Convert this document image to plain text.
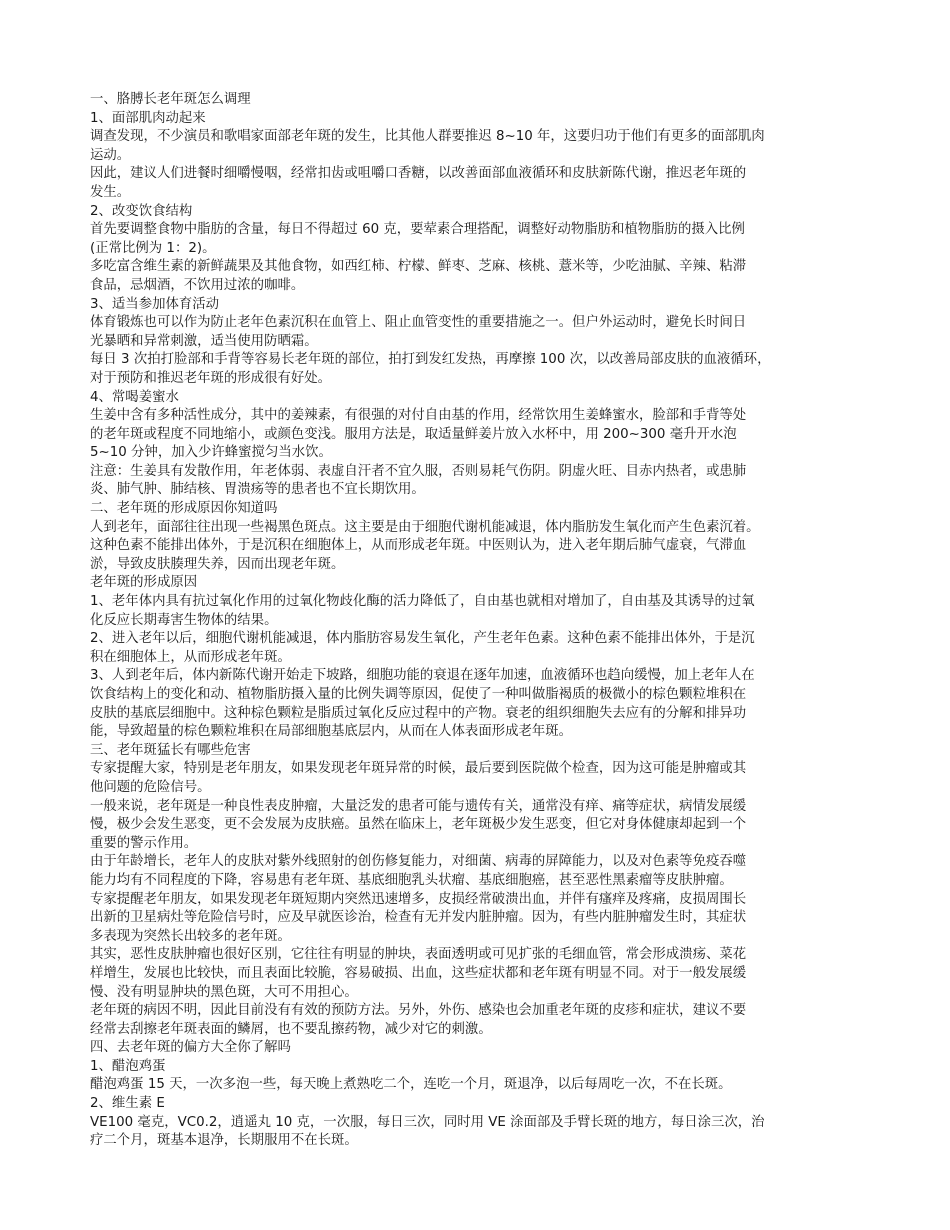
一、胳膊长老年斑怎么调理
1、面部肌肉动起来
调查发现，不少演员和歌唱家面部老年斑的发生，比其他人群要推迟 8~10 年，这要归功于他们有更多的面部肌肉
运动。
因此，建议人们进餐时细嚼慢咽，经常扣齿或咀嚼口香糖，以改善面部血液循环和皮肤新陈代谢，推迟老年斑的
发生。
2、改变饮食结构
首先要调整食物中脂肪的含量，每日不得超过 60 克，要荤素合理搭配，调整好动物脂肪和植物脂肪的摄入比例
(正常比例为 1：2)。
多吃富含维生素的新鲜蔬果及其他食物，如西红柿、柠檬、鲜枣、芝麻、核桃、薏米等，少吃油腻、辛辣、粘滞
食品，忌烟酒，不饮用过浓的咖啡。
3、适当参加体育活动
体育锻炼也可以作为防止老年色素沉积在血管上、阻止血管变性的重要措施之一。但户外运动时，避免长时间日
光暴晒和异常刺激，适当使用防晒霜。
每日 3 次拍打脸部和手背等容易长老年斑的部位，拍打到发红发热，再摩擦 100 次，以改善局部皮肤的血液循环，
对于预防和推迟老年斑的形成很有好处。
4、常喝姜蜜水
生姜中含有多种活性成分，其中的姜辣素，有很强的对付自由基的作用，经常饮用生姜蜂蜜水，脸部和手背等处
的老年斑或程度不同地缩小，或颜色变浅。服用方法是，取适量鲜姜片放入水杯中，用 200~300 毫升开水泡
5~10 分钟，加入少许蜂蜜搅匀当水饮。
注意：生姜具有发散作用，年老体弱、表虚自汗者不宜久服，否则易耗气伤阴。阴虚火旺、目赤内热者，或患肺
炎、肺气肿、肺结核、胃溃疡等的患者也不宜长期饮用。
二、老年斑的形成原因你知道吗
人到老年，面部往往出现一些褐黑色斑点。这主要是由于细胞代谢机能减退，体内脂肪发生氧化而产生色素沉着。
这种色素不能排出体外，于是沉积在细胞体上，从而形成老年斑。中医则认为，进入老年期后肺气虚衰，气滞血
淤，导致皮肤腠理失养，因而出现老年斑。
老年斑的形成原因
1、老年体内具有抗过氧化作用的过氧化物歧化酶的活力降低了，自由基也就相对增加了，自由基及其诱导的过氧
化反应长期毒害生物体的结果。
2、进入老年以后，细胞代谢机能减退，体内脂肪容易发生氧化，产生老年色素。这种色素不能排出体外，于是沉
积在细胞体上，从而形成老年斑。
3、人到老年后，体内新陈代谢开始走下坡路，细胞功能的衰退在逐年加速，血液循环也趋向缓慢，加上老年人在
饮食结构上的变化和动、植物脂肪摄入量的比例失调等原因，促使了一种叫做脂褐质的极微小的棕色颗粒堆积在
皮肤的基底层细胞中。这种棕色颗粒是脂质过氧化反应过程中的产物。衰老的组织细胞失去应有的分解和排异功
能，导致超量的棕色颗粒堆积在局部细胞基底层内，从而在人体表面形成老年斑。
三、老年斑猛长有哪些危害
专家提醒大家，特别是老年朋友，如果发现老年斑异常的时候，最后要到医院做个检查，因为这可能是肿瘤或其
他问题的危险信号。
一般来说，老年斑是一种良性表皮肿瘤，大量泛发的患者可能与遗传有关，通常没有痒、痛等症状，病情发展缓
慢，极少会发生恶变，更不会发展为皮肤癌。虽然在临床上，老年斑极少发生恶变，但它对身体健康却起到一个
重要的警示作用。
由于年龄增长，老年人的皮肤对紫外线照射的创伤修复能力，对细菌、病毒的屏障能力，以及对色素等免疫吞噬
能力均有不同程度的下降，容易患有老年斑、基底细胞乳头状瘤、基底细胞癌，甚至恶性黑素瘤等皮肤肿瘤。
专家提醒老年朋友，如果发现老年斑短期内突然迅速增多，皮损经常破溃出血，并伴有瘙痒及疼痛，皮损周围长
出新的卫星病灶等危险信号时，应及早就医诊治，检查有无并发内脏肿瘤。因为，有些内脏肿瘤发生时，其症状
多表现为突然长出较多的老年斑。
其实，恶性皮肤肿瘤也很好区别，它往往有明显的肿块，表面透明或可见扩张的毛细血管，常会形成溃疡、菜花
样增生，发展也比较快，而且表面比较脆，容易破损、出血，这些症状都和老年斑有明显不同。对于一般发展缓
慢、没有明显肿块的黑色斑，大可不用担心。
老年斑的病因不明，因此目前没有有效的预防方法。另外，外伤、感染也会加重老年斑的皮疹和症状，建议不要
经常去刮擦老年斑表面的鳞屑，也不要乱擦药物，减少对它的刺激。
四、去老年斑的偏方大全你了解吗
1、醋泡鸡蛋
醋泡鸡蛋 15 天，一次多泡一些，每天晚上煮熟吃二个，连吃一个月，斑退净，以后每周吃一次，不在长斑。
2、维生素 E
VE100 毫克，VC0.2，逍遥丸 10 克，一次服，每日三次，同时用 VE 涂面部及手臂长斑的地方，每日涂三次，治
疗二个月，斑基本退净，长期服用不在长斑。
